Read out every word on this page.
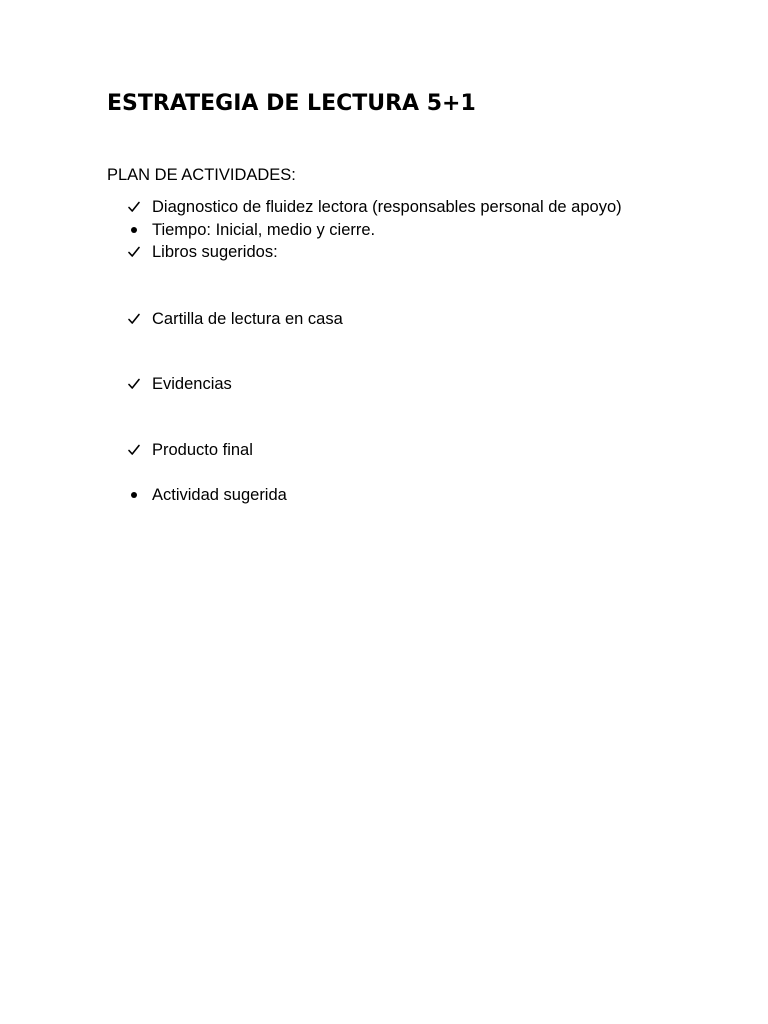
ESTRATEGIA DE LECTURA 5+1

PLAN DE ACTIVIDADES:

Diagnostico de fluidez lectora (responsables personal de apoyo)
Tiempo: Inicial, medio y cierre.
Libros sugeridos:
Cartilla de lectura en casa
Evidencias
Producto final
Actividad sugerida
